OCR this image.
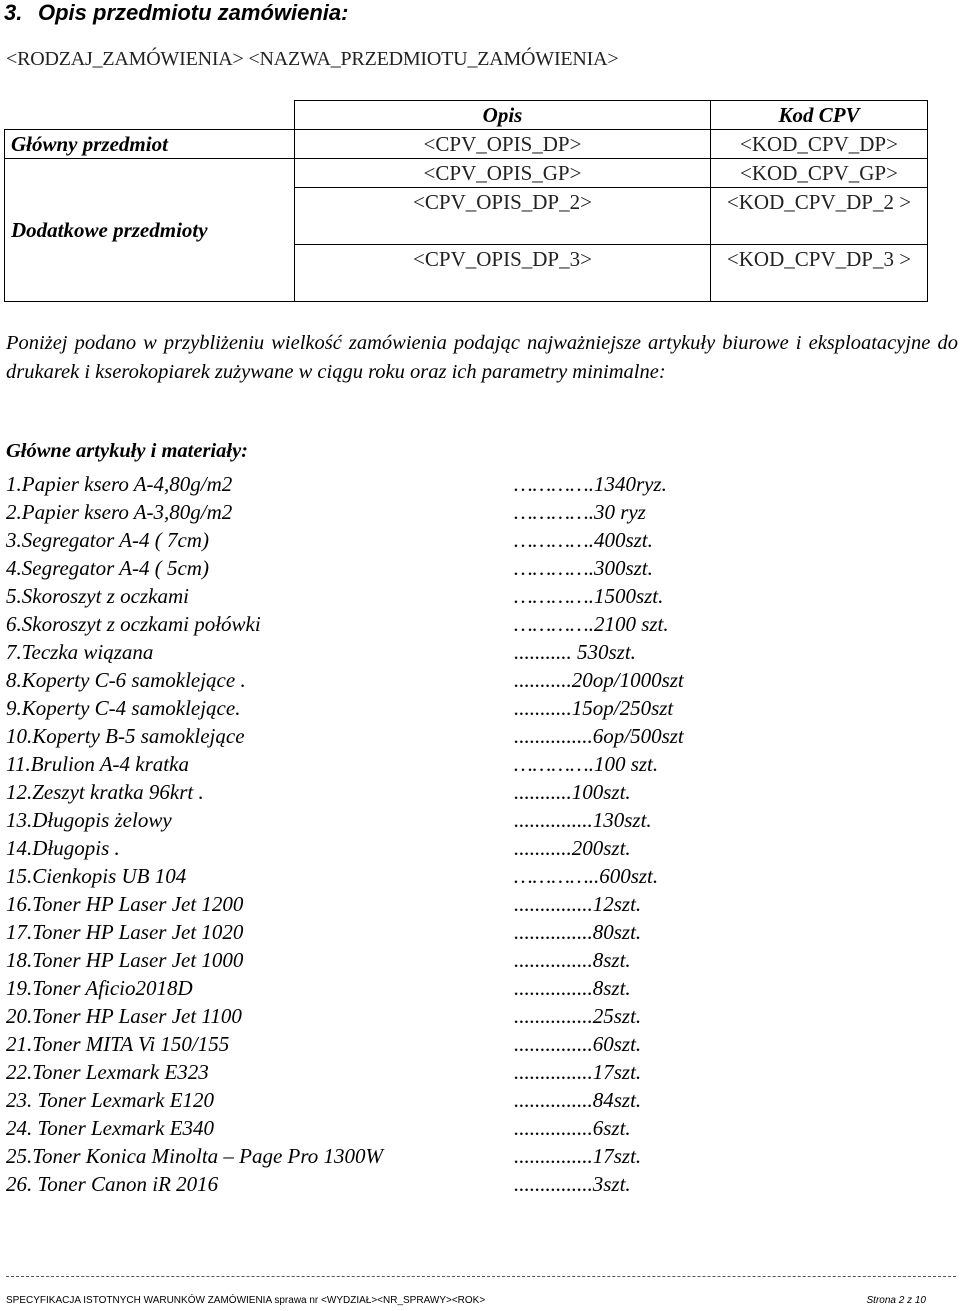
3. Opis przedmiotu zamówienia:
<RODZAJ_ZAMÓWIENIA> <NAZWA_PRZEDMIOTU_ZAMÓWIENIA>
	Opis	Kod CPV
Główny przedmiot	<CPV_OPIS_DP>	<KOD_CPV_DP>
Dodatkowe przedmioty	<CPV_OPIS_GP>	<KOD_CPV_GP>
	<CPV_OPIS_DP_2>	<KOD_CPV_DP_2 >
	<CPV_OPIS_DP_3>	<KOD_CPV_DP_3 >

Poniżej podano w przybliżeniu wielkość zamówienia podając najważniejsze artykuły biurowe i eksploatacyjne do drukarek i kserokopiarek zużywane w ciągu roku oraz ich parametry minimalne:

Główne artykuły i materiały:
1.Papier ksero A-4,80g/m2	………….1340ryz.
2.Papier ksero A-3,80g/m2	………….30 ryz
3.Segregator A-4 ( 7cm)	………….400szt.
4.Segregator A-4 ( 5cm)	………….300szt.
5.Skoroszyt z oczkami	………….1500szt.
6.Skoroszyt z oczkami połówki	………….2100 szt.
7.Teczka wiązana	........... 530szt.
8.Koperty C-6 samoklejące .	...........20op/1000szt
9.Koperty C-4 samoklejące.	...........15op/250szt
10.Koperty B-5 samoklejące	...............6op/500szt
11.Brulion A-4 kratka	………….100 szt.
12.Zeszyt kratka 96krt .	...........100szt.
13.Długopis żelowy	...............130szt.
14.Długopis .	...........200szt.
15.Cienkopis UB 104	…………..600szt.
16.Toner HP Laser Jet 1200	...............12szt.
17.Toner HP Laser Jet 1020	...............80szt.
18.Toner HP Laser Jet 1000	...............8szt.
19.Toner Aficio2018D	...............8szt.
20.Toner HP Laser Jet 1100	...............25szt.
21.Toner MITA Vi 150/155	...............60szt.
22.Toner Lexmark E323	...............17szt.
23. Toner Lexmark E120	...............84szt.
24. Toner Lexmark E340	...............6szt.
25.Toner Konica Minolta – Page Pro 1300W	...............17szt.
26. Toner Canon iR 2016	...............3szt.
SPECYFIKACJA ISTOTNYCH WARUNKÓW ZAMÓWIENIA sprawa nr <WYDZIAŁ><NR_SPRAWY><ROK>	Strona 2 z 10
